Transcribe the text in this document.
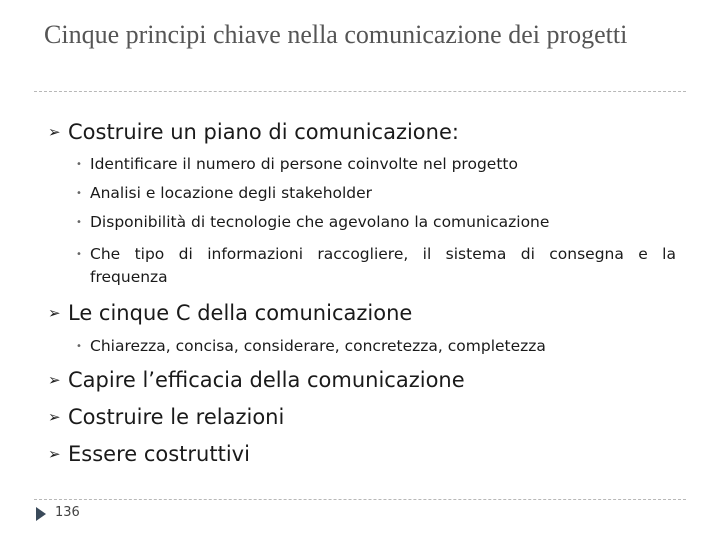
Cinque principi chiave nella comunicazione dei progetti
➢ Costruire un piano di comunicazione:
• Identificare il numero di persone coinvolte nel progetto
• Analisi e locazione degli stakeholder
• Disponibilità di tecnologie che agevolano la comunicazione
• Che tipo di informazioni raccogliere, il sistema di consegna e la frequenza
➢ Le cinque C della comunicazione
• Chiarezza, concisa, considerare, concretezza, completezza
➢ Capire l’efficacia della comunicazione
➢ Costruire le relazioni
➢ Essere costruttivi
136
